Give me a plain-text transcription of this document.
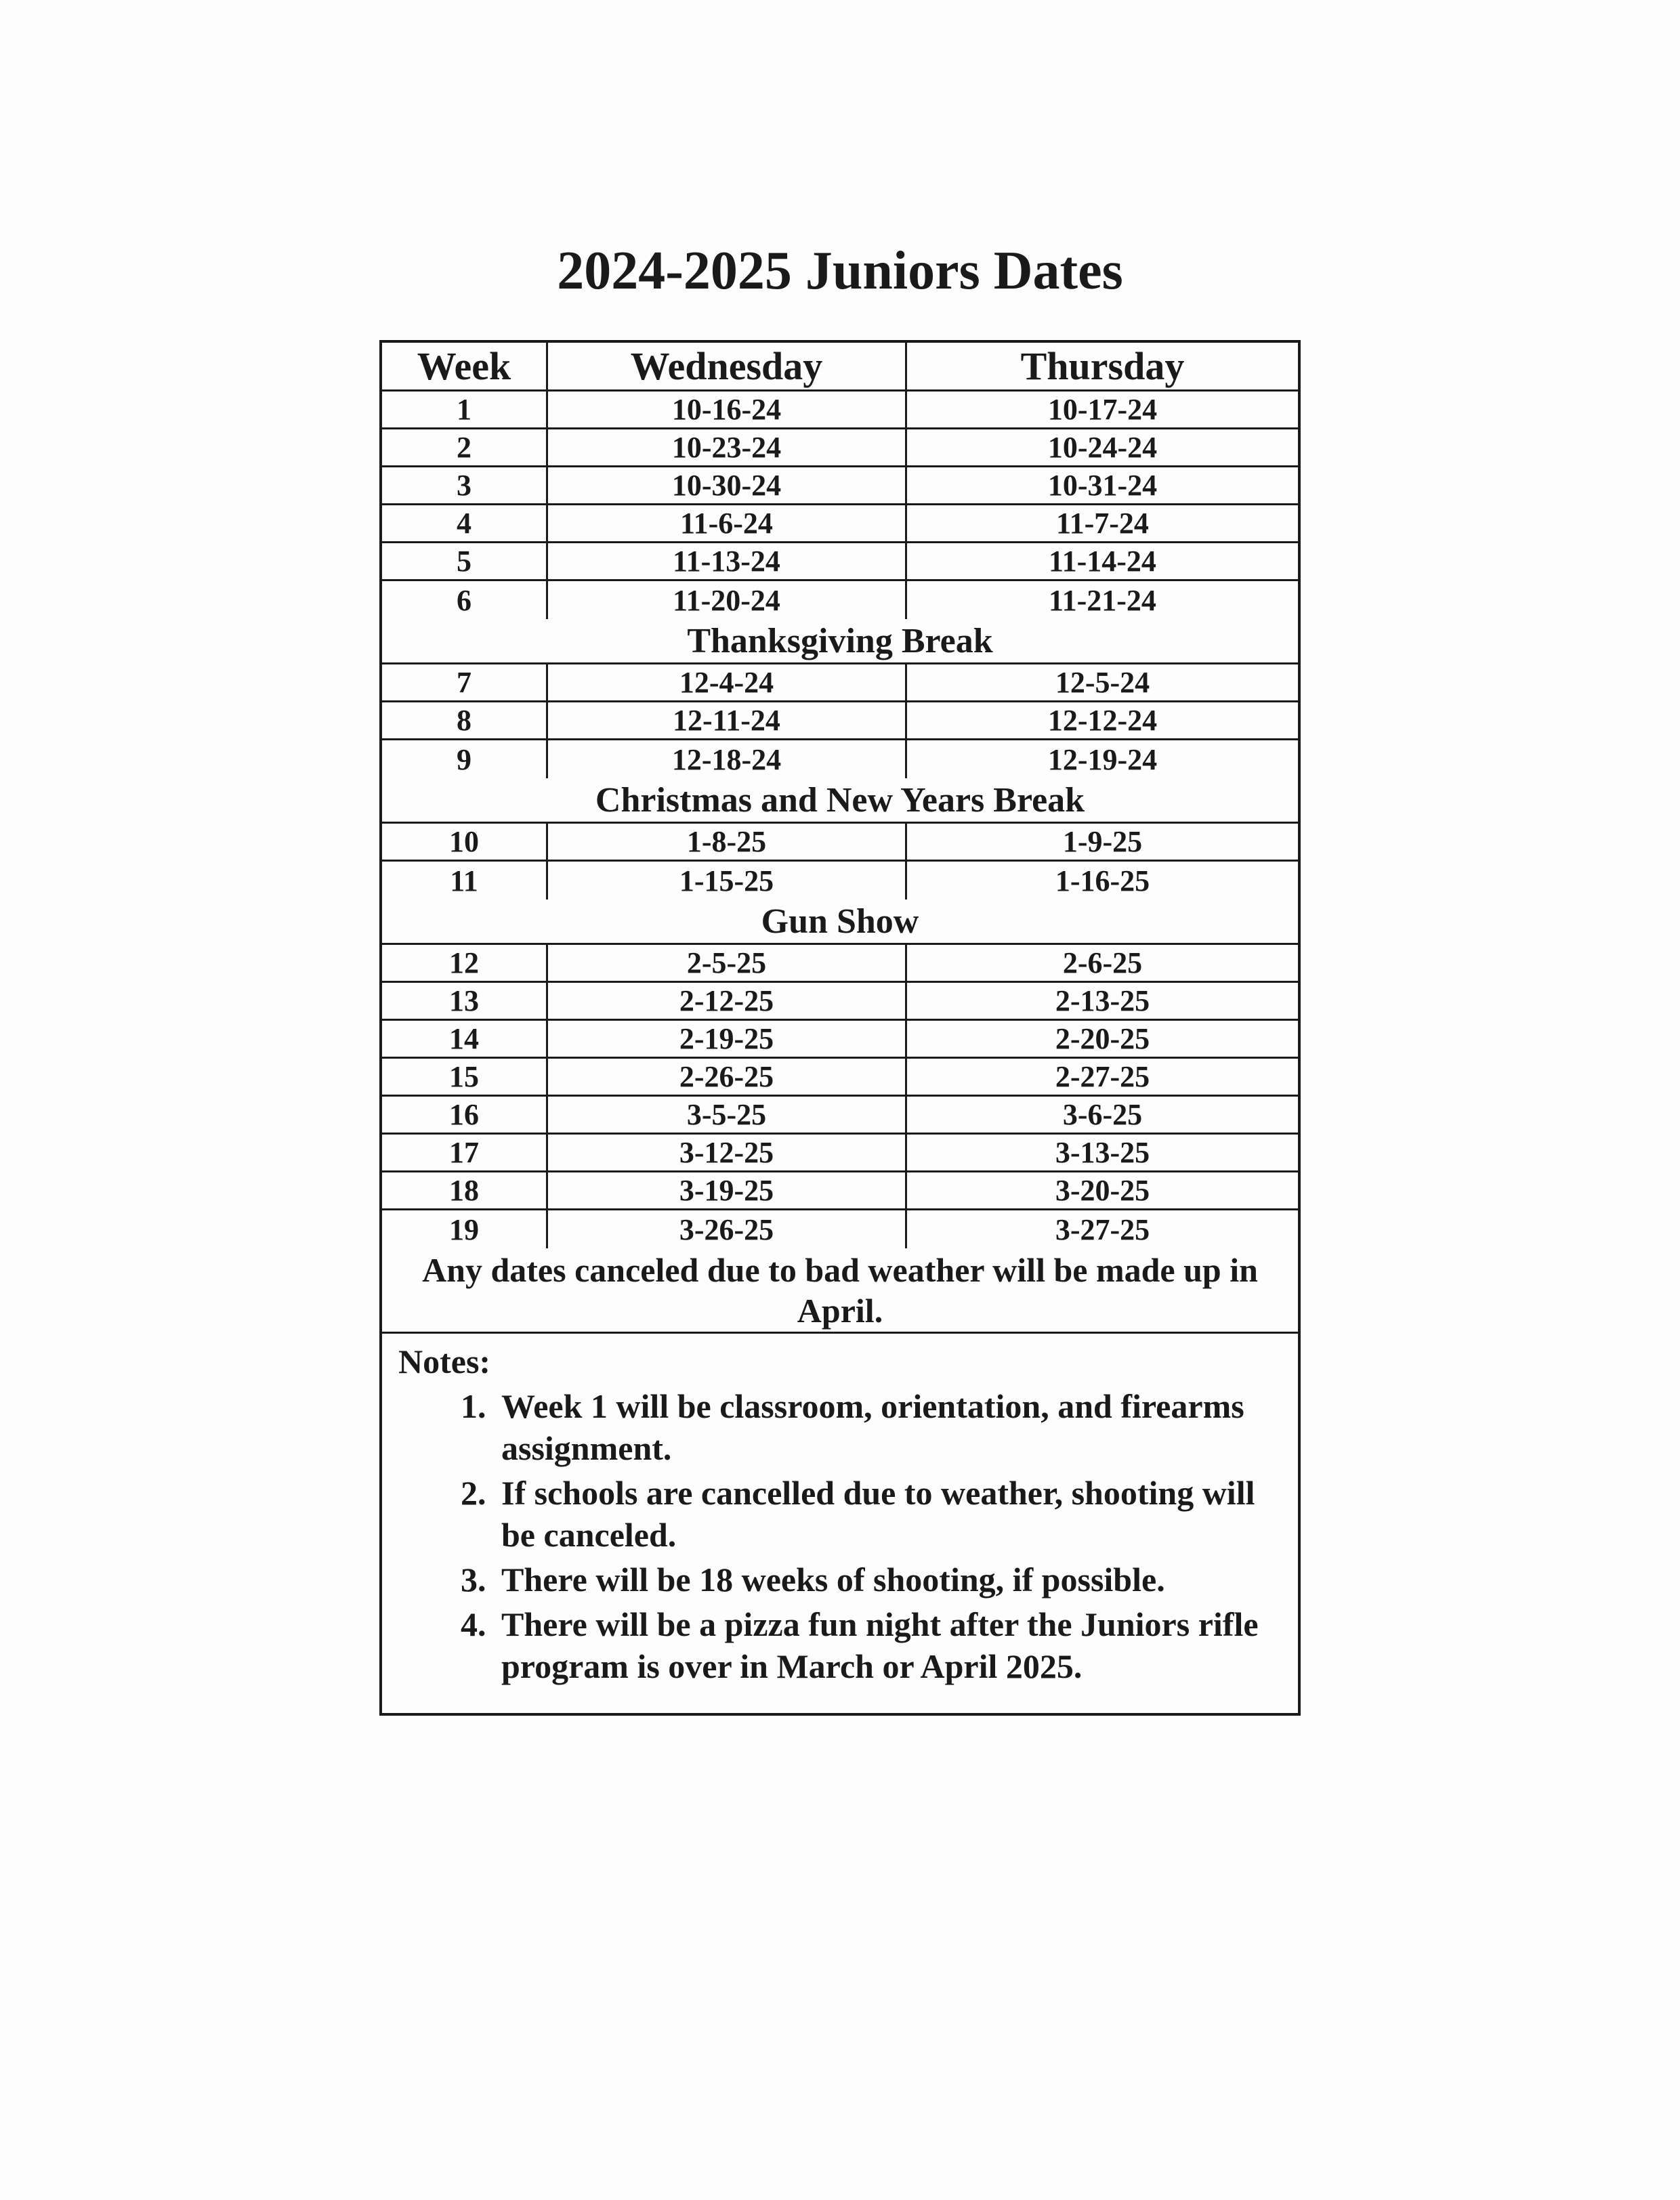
2024-2025 Juniors Dates
Week	Wednesday	Thursday
1	10-16-24	10-17-24
2	10-23-24	10-24-24
3	10-30-24	10-31-24
4	11-6-24	11-7-24
5	11-13-24	11-14-24
6	11-20-24	11-21-24
Thanksgiving Break
7	12-4-24	12-5-24
8	12-11-24	12-12-24
9	12-18-24	12-19-24
Christmas and New Years Break
10	1-8-25	1-9-25
11	1-15-25	1-16-25
Gun Show
12	2-5-25	2-6-25
13	2-12-25	2-13-25
14	2-19-25	2-20-25
15	2-26-25	2-27-25
16	3-5-25	3-6-25
17	3-12-25	3-13-25
18	3-19-25	3-20-25
19	3-26-25	3-27-25
Any dates canceled due to bad weather will be made up in April.
Notes:
1. Week 1 will be classroom, orientation, and firearms assignment.
2. If schools are cancelled due to weather, shooting will be canceled.
3. There will be 18 weeks of shooting, if possible.
4. There will be a pizza fun night after the Juniors rifle program is over in March or April 2025.
